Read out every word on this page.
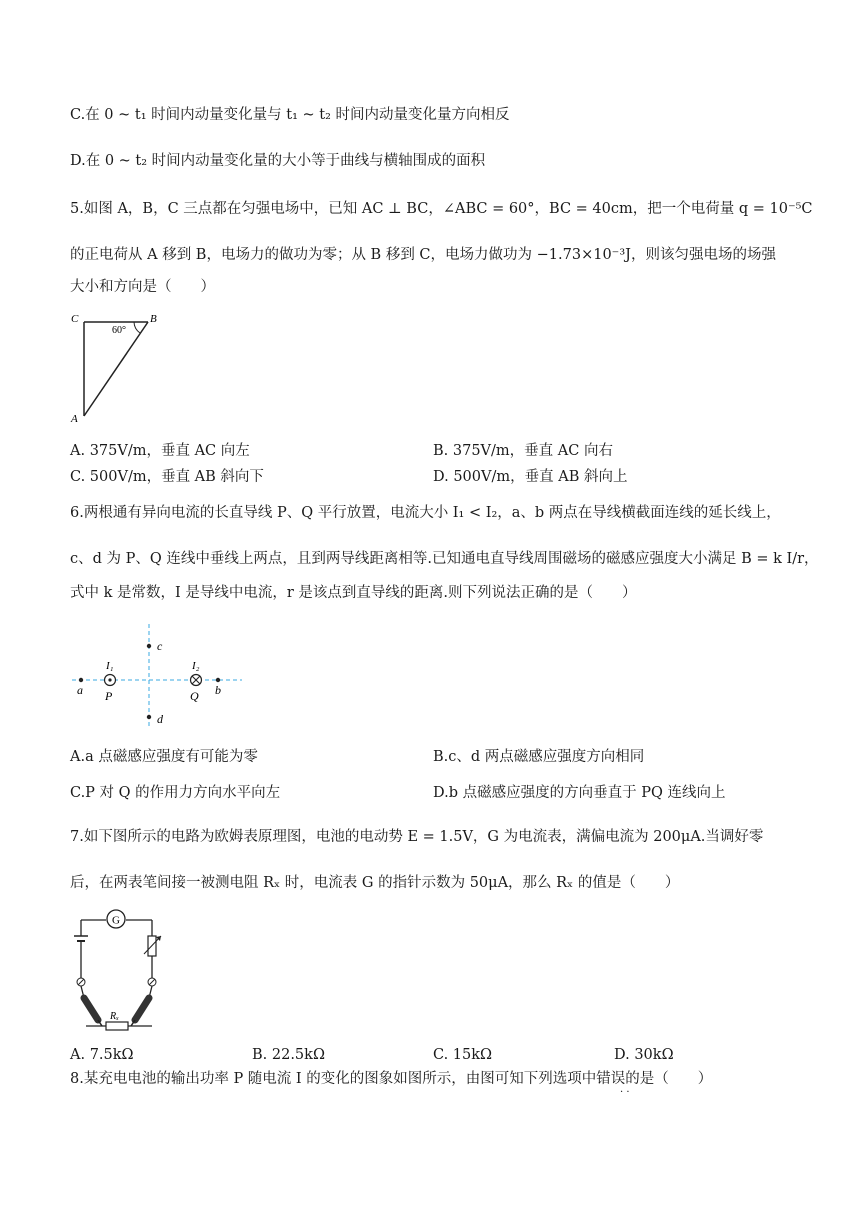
C.在 0 ~ t₁ 时间内动量变化量与 t₁ ~ t₂ 时间内动量变化量方向相反
D.在 0 ~ t₂ 时间内动量变化量的大小等于曲线与横轴围成的面积
5.如图 A，B，C 三点都在匀强电场中，已知 AC ⊥ BC，∠ABC = 60°，BC = 40cm，把一个电荷量 q = 10⁻⁵C
的正电荷从 A 移到 B，电场力的做功为零；从 B 移到 C，电场力做功为 −1.73×10⁻³J，则该匀强电场的场强
大小和方向是（　　）
C	B
A
60°
A. 375V/m，垂直 AC 向左	B. 375V/m，垂直 AC 向右
C. 500V/m，垂直 AB 斜向下	D. 500V/m，垂直 AB 斜向上
6.两根通有异向电流的长直导线 P、Q 平行放置，电流大小 I₁ < I₂，a、b 两点在导线横截面连线的延长线上，
c、d 为 P、Q 连线中垂线上两点，且到两导线距离相等.已知通电直导线周围磁场的磁感应强度大小满足 B = k I/r，
式中 k 是常数，I 是导线中电流，r 是该点到直导线的距离.则下列说法正确的是（　　）
c
d
a	b
P	Q
I₁	I₂
A.a 点磁感应强度有可能为零	B.c、d 两点磁感应强度方向相同
C.P 对 Q 的作用力方向水平向左	D.b 点磁感应强度的方向垂直于 PQ 连线向上
7.如下图所示的电路为欧姆表原理图，电池的电动势 E = 1.5V，G 为电流表，满偏电流为 200μA.当调好零
后，在两表笔间接一被测电阻 Rₓ 时，电流表 G 的指针示数为 50μA，那么 Rₓ 的值是（　　）
G
Rₓ
A. 7.5kΩ	B. 22.5kΩ	C. 15kΩ	D. 30kΩ
8.某充电电池的输出功率 P 随电流 I 的变化的图象如图所示，由图可知下列选项中错误的是（　　）
· ·
